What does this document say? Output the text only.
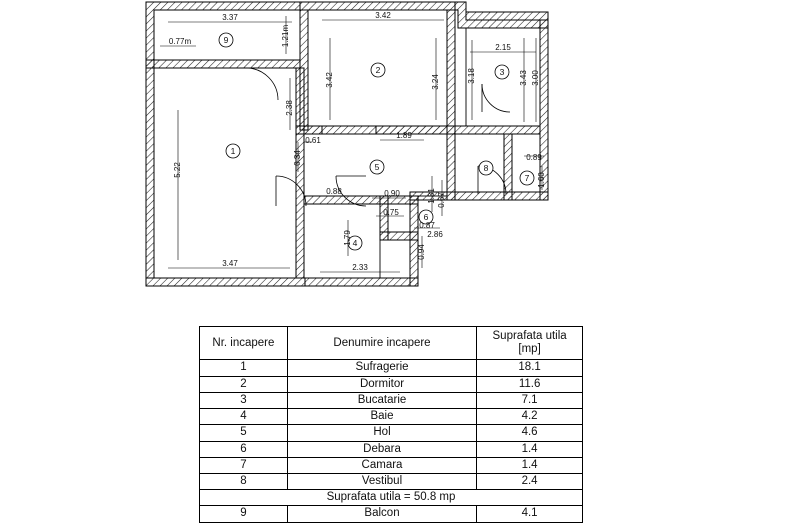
9
2	3
1
5	8
7
6
4
3.37	3.42
2.15
0.77m	1.21m
3.42	3.24	3.18	3.43 3.00
2.38
1.89
0.61
0.34
5.22
0.89
1.60
0.88	0.90	1.31
0.75
0.67
1.79
0.87
2.86
0.94
3.47	2.33
Nr. incapere	Denumire incapere	Suprafata utila
[mp]
1	Sufragerie	18.1
2	Dormitor	11.6
3	Bucatarie	7.1
4	Baie	4.2
5	Hol	4.6
6	Debara	1.4
7	Camara	1.4
8	Vestibul	2.4
Suprafata utila = 50.8 mp		
9	Balcon	4.1
